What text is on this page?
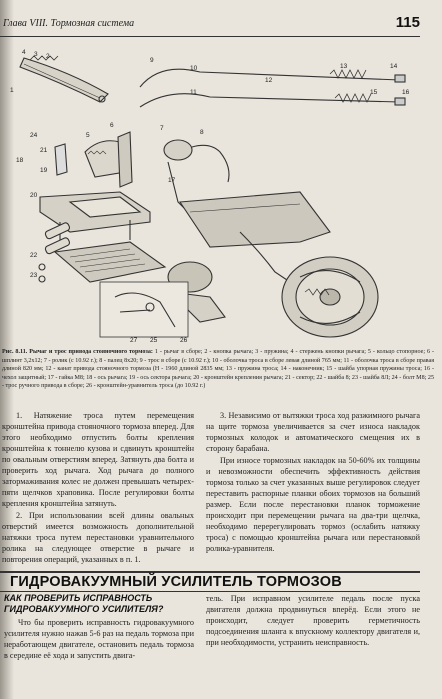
Глава VIII. Тормозная система	115
4 3 2
1
5
6	7
8
9
10
11
12
13	14
15	16
17
18
19
20
21
22
23
24
25	26
27
Рис. 8.11. Рычаг и трос привода стояночного тормоза: 1 - рычаг в сборе; 2 - кнопка рычага; 3 - пружина; 4 - стержень кнопки рычага; 5 - кольцо стопорное; 6 - шплинт 3,2х12; 7 - ролик (с 10.92 г.); 8 - палец 8х20; 9 - трос в сборе (с 10.92 г.); 10 - оболочка троса в сборе левая длиной 765 мм; 11 - оболочка троса в сборе правая длиной 820 мм; 12 - канат привода стояночного тормоза (Н - 1960 длиной 2835 мм; 13 - пружина троса; 14 - наконечник; 15 - шайба упорная пружины троса; 16 - чехол защитный; 17 - гайка М8; 18 - ось рычага; 19 - ось сектора рычага; 20 - кронштейн крепления рычага; 21 - сектор; 22 - шайба 8; 23 - шайба 8Л; 24 - болт М8; 25 - трос ручного привода в сборе; 26 - кронштейн-уравнитель троса (до 10.92 г.)

1. Натяжение троса путем перемещения кронштейна привода стояночного тормоза вперед. Для этого необходимо отпустить болты крепления кронштейна к тоннелю кузова и сдвинуть кронштейн по овальным отверстиям вперед. Затянуть два болта и проверить ход рычага. Ход рычага до полного затормаживания колес не должен превышать четырех-пяти щелчков храповика. После регулировки болты крепления кронштейна затянуть.

2. При использовании всей длины овальных отверстий имеется возможность дополнительной натяжки троса путем перестановки уравнительного ролика на следующее отверстие в рычаге и повторения операций, указанных в п. 1.

3. Независимо от вытяжки троса ход разжимного рычага на щите тормоза увеличивается за счет износа накладок тормозных колодок и автоматического смещения их в сторону барабана.

При износе тормозных накладок на 50-60% их толщины и невозможности обеспечить эффективность действия тормоза только за счет указанных выше регулировок следует переставить распорные планки обоих тормозов на больший размер. Если после перестановки планок торможение происходит при перемещении рычага на два-три щелчка, необходимо перерегулировать тормоз (ослабить натяжку троса) с помощью кронштейна рычага или перестановкой ролика-уравнителя.

ГИДРОВАКУУМНЫЙ УСИЛИТЕЛЬ ТОРМОЗОВ
КАК ПРОВЕРИТЬ ИСПРАВНОСТЬ ГИДРОВАКУУМНОГО УСИЛИТЕЛЯ?

Что бы проверить исправность гидровакуумного усилителя нужно нажав 5-6 раз на педаль тормоза при неработающем двигателе, остановить педаль тормоза в середине её хода и запустить двига-

тель. При исправном усилителе педаль после пуска двигателя должна продвинуться вперёд. Если этого не происходит, следует проверить герметичность подсоединения шланга к впускному коллектору двигателя и, при необходимости, устранить неисправность.
